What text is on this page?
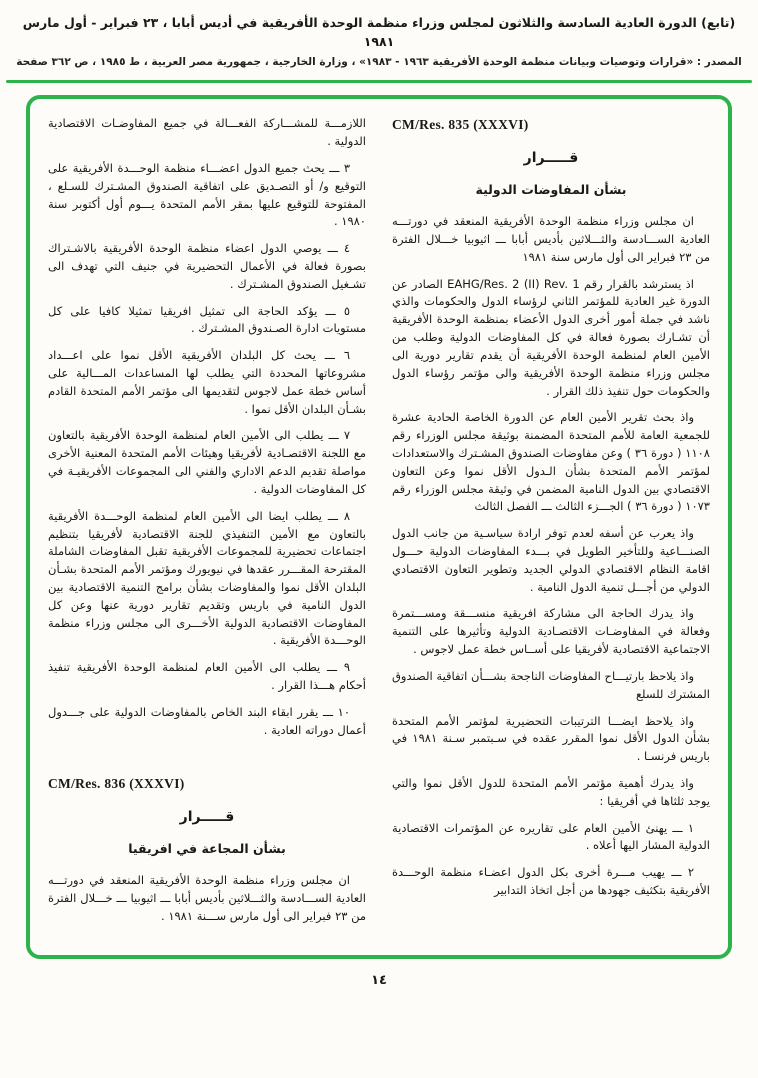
(تابع) الدورة العادية السادسة والثلاثون لمجلس وزراء منظمة الوحدة الأفريقية في أديس أبابا ، ٢٣ فبراير - أول مارس ١٩٨١
المصدر : «قرارات وتوصيات وبيانات منظمة الوحدة الأفريقية ١٩٦٣ - ١٩٨٣» ، وزارة الخارجية ، جمهورية مصر العربية ، ط ١٩٨٥ ، ص ٣٦٢ صفحة
CM/Res. 835 (XXXVI)
قـــــرار
بشأن المفاوضات الدولية

ان مجلس وزراء منظمة الوحدة الأفريقية المنعقد في دورتـــه العادية الســـادسة والثـــلاثين بأديس أبابا ـــ اثيوبيا خـــلال الفترة من ٢٣ فبراير الى أول مارس سنة ١٩٨١

اذ يسترشد بالقرار رقم EAHG/Res. 2 (II) Rev. 1 الصادر عن الدورة غير العادية للمؤتمر الثاني لرؤساء الدول والحكومات والذي ناشد في جملة أمور أخرى الدول الأعضاء بمنظمة الوحدة الأفريقية أن تشـارك بصورة فعالة في كل المفاوضات الدولية وطلب من الأمين العام لمنظمة الوحدة الأفريقية أن يقدم تقارير دورية الى مجلس وزراء منظمة الوحدة الأفريقية والى مؤتمر رؤساء الدول والحكومات حول تنفيذ ذلك القرار .

واذ بحث تقرير الأمين العام عن الدورة الخاصة الحادية عشرة للجمعية العامة للأمم المتحدة المضمنة بوثيقة مجلس الوزراء رقم ١١٠٨ ( دورة ٣٦ ) وعن مفاوضات الصندوق المشـترك والاستعدادات لمؤتمر الأمم المتحدة بشأن الـدول الأقل نموا وعن التعاون الاقتصادي بين الدول النامية المضمن في وثيقة مجلس الوزراء رقم ١٠٧٣ ( دورة ٣٦ ) الجـــزء الثالث ـــ الفصل الثالث

واذ يعرب عن أسفه لعدم توفر ارادة سياسـية من جانب الدول الصنـــاعية وللتأخير الطويل في بـــدء المفاوضات الدولية حـــول اقامة النظام الاقتصادي الدولي الجديد وتطوير التعاون الاقتصادي الدولي من أجـــل تنمية الدول النامية .

واذ يدرك الحاجة الى مشاركة افريقية منســـقة ومســـتمرة وفعالة في المفاوضـات الاقتصـادية الدولية وتأثيرها على التنمية الاجتماعية الاقتصادية لأفريقيا على أســاس خطة عمل لاجوس .

واذ يلاحظ بارتيـــاح المفاوضات الناجحة بشـــأن اتفاقية الصندوق المشترك للسلع

واذ يلاحظ ايضـــا الترتيبات التحضيرية لمؤتمر الأمم المتحدة بشأن الدول الأقل نموا المقرر عقده في سـبتمبر سـنة ١٩٨١ في باريس فرنسـا .

واذ يدرك أهمية مؤتمر الأمم المتحدة للدول الأقل نموا والتي يوجد ثلثاها في أفريقيا :

١ ـــ يهنئ الأمين العام على تقاريره عن المؤتمرات الاقتصادية الدولية المشار اليها أعلاه .

٢ ـــ يهيب مـــرة أخرى بكل الدول اعضـاء منظمة الوحـــدة الأفريقية بتكثيف جهودها من أجل اتخاذ التدابير

اللازمـــة للمشـــاركة الفعـــالة في جميع المفاوضـات الاقتصادية الدولية .

٣ ـــ يحث جميع الدول اعضـــاء منظمة الوحـــدة الأفريقية على التوقيع و/ أو التصـديق على اتفاقية الصندوق المشـترك للسـلع ، المفتوحة للتوقيع عليها بمقر الأمم المتحدة يـــوم أول أكتوبر سنة ١٩٨٠ .

٤ ـــ يوصي الدول اعضاء منظمة الوحدة الأفريقية بالاشـتراك بصورة فعالة في الأعمال التحضيرية في جنيف التي تهدف الى تشـغيل الصندوق المشـترك .

٥ ـــ يؤكد الحاجة الى تمثيل افريقيا تمثيلا كافيا على كل مستويات ادارة الصـندوق المشـترك .

٦ ـــ يحث كل البلدان الأفريقية الأقل نموا على اعـــداد مشروعاتها المحددة التي يطلب لها المساعدات المـــالية على أساس خطة عمل لاجوس لتقديمها الى مؤتمر الأمم المتحدة القادم بشـأن البلدان الأقل نموا .

٧ ـــ يطلب الى الأمين العام لمنظمة الوحدة الأفريقية بالتعاون مع اللجنة الاقتصـادية لأفريقيا وهيئات الأمم المتحدة المعنية الأخرى مواصلة تقديم الدعم الاداري والفني الى المجموعات الأفريقيـة في كل المفاوضات الدولية .

٨ ـــ يطلب ايضا الى الأمين العام لمنظمة الوحـــدة الأفريقية بالتعاون مع الأمين التنفيذي للجنة الاقتصادية لأفريقيا بتنظيم اجتماعات تحضيرية للمجموعات الأفريقية تقبل المفاوضات الشاملة المقترحة المقـــرر عقدها في نيويورك ومؤتمر الأمم المتحدة بشـأن البلدان الأقل نموا والمفاوضات بشأن برامج التنمية الاقتصادية بين الدول النامية في باريس وتقديم تقارير دورية عنها وعن كل المفاوضات الاقتصادية الدولية الأخـــرى الى مجلس وزراء منظمة الوحـــدة الأفريقية .

٩ ـــ يطلب الى الأمين العام لمنظمة الوحدة الأفريقية تنفيذ أحكام هـــذا القرار .

١٠ ـــ يقرر ابقاء البند الخاص بالمفاوضات الدولية على جـــدول أعمال دوراته العادية .

CM/Res. 836 (XXXVI)
قـــــرار
بشأن المجاعة في افريقيا

ان مجلس وزراء منظمة الوحدة الأفريقية المنعقد في دورتـــه العادية الســـادسة والثـــلاثين بأديس أبابا ـــ اثيوبيا ـــ خـــلال الفترة من ٢٣ فبراير الى أول مارس ســـنة ١٩٨١ .

١٤
